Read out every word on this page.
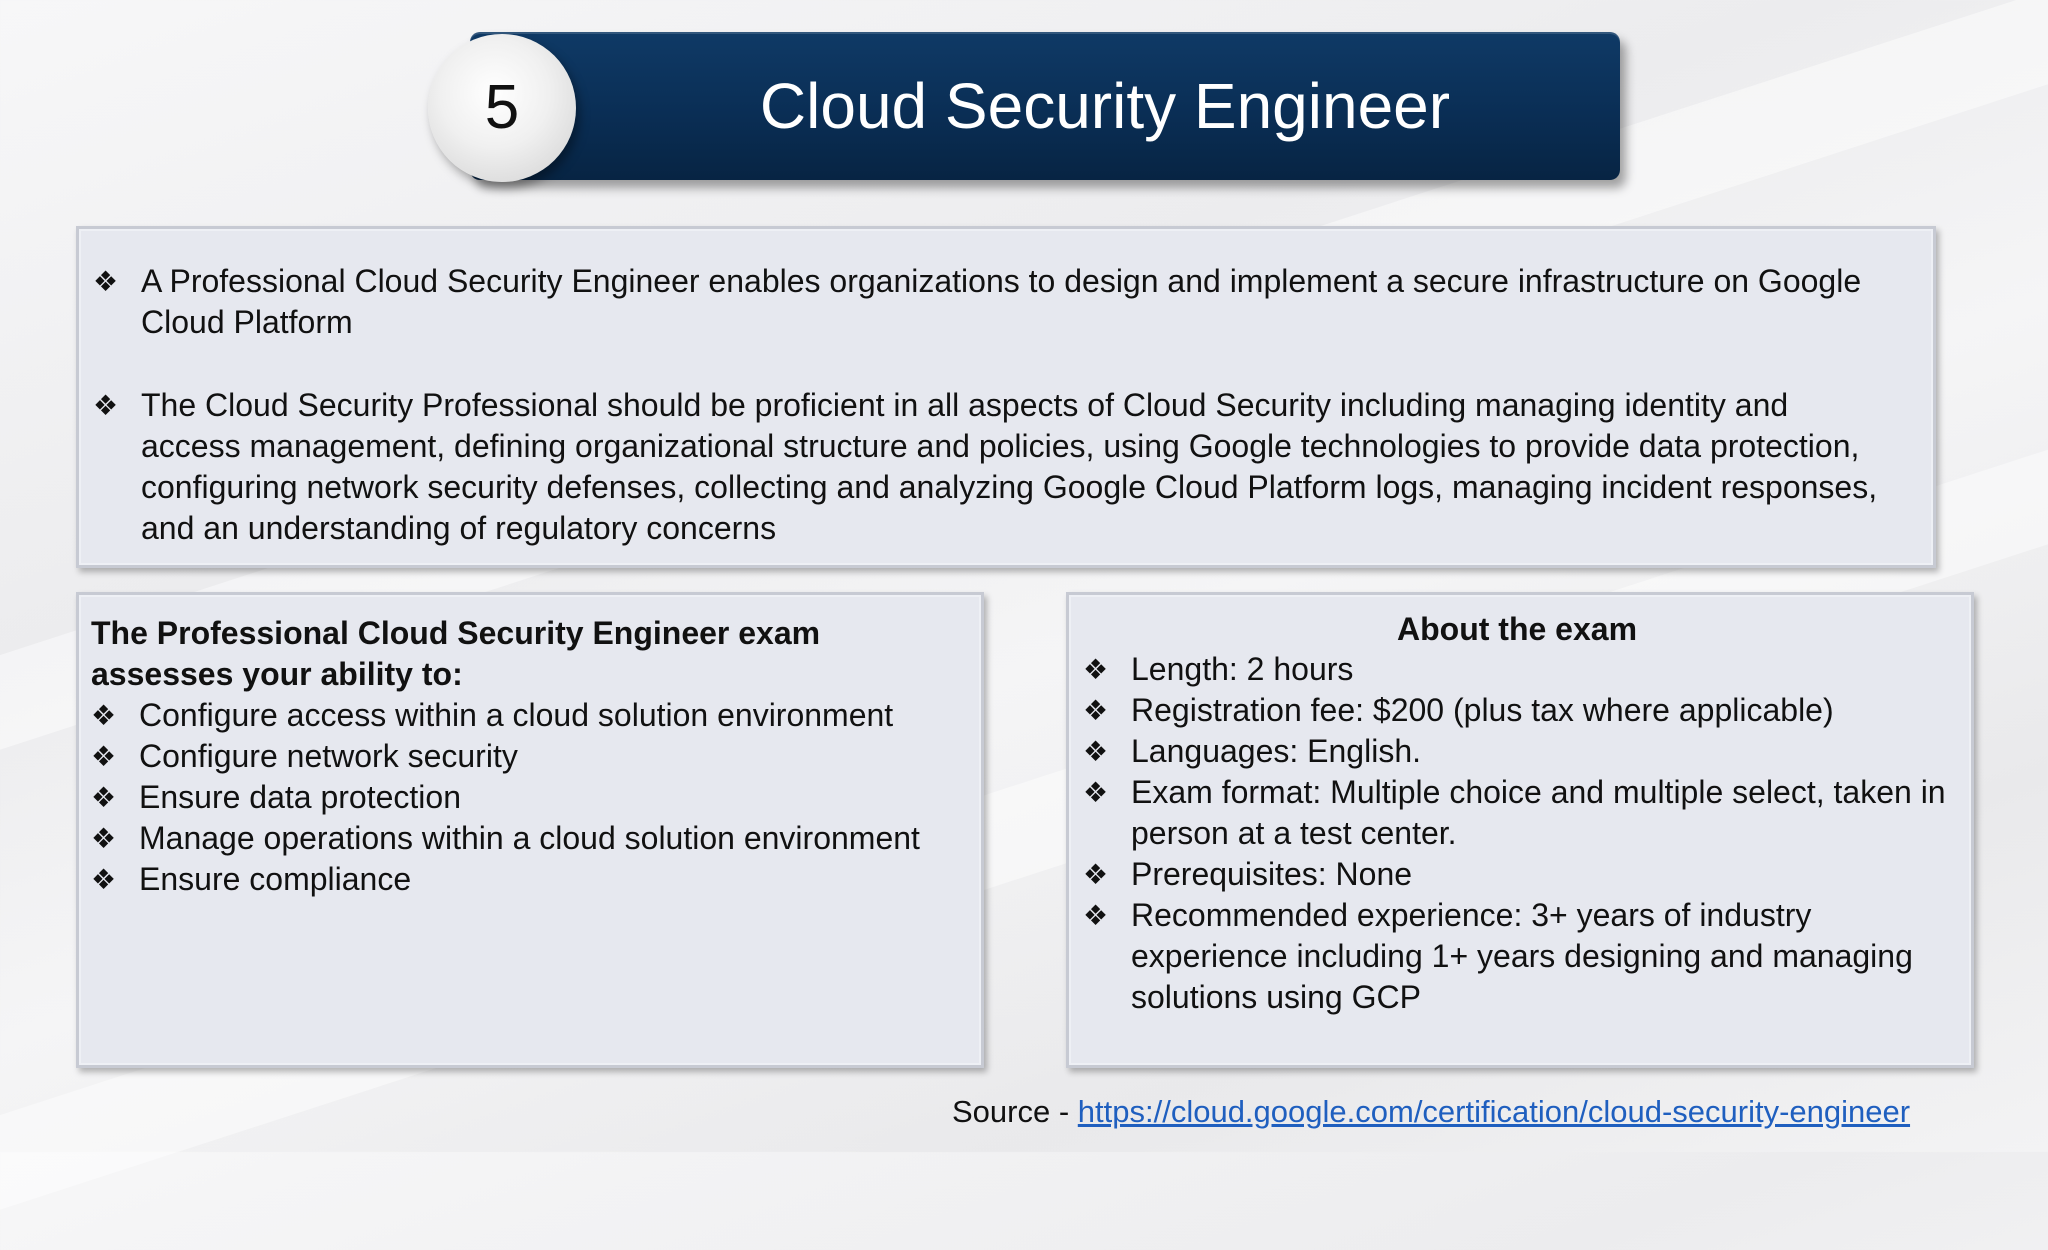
Cloud Security Engineer
5
❖ A Professional Cloud Security Engineer enables organizations to design and implement a secure infrastructure on Google Cloud Platform
❖ The Cloud Security Professional should be proficient in all aspects of Cloud Security including managing identity and access management, defining organizational structure and policies, using Google technologies to provide data protection, configuring network security defenses, collecting and analyzing Google Cloud Platform logs, managing incident responses, and an understanding of regulatory concerns
The Professional Cloud Security Engineer exam assesses your ability to:
❖ Configure access within a cloud solution environment
❖ Configure network security
❖ Ensure data protection
❖ Manage operations within a cloud solution environment
❖ Ensure compliance
About the exam
❖ Length: 2 hours
❖ Registration fee: $200 (plus tax where applicable)
❖ Languages: English.
❖ Exam format: Multiple choice and multiple select, taken in person at a test center.
❖ Prerequisites: None
❖ Recommended experience: 3+ years of industry experience including 1+ years designing and managing solutions using GCP
Source - https://cloud.google.com/certification/cloud-security-engineer
